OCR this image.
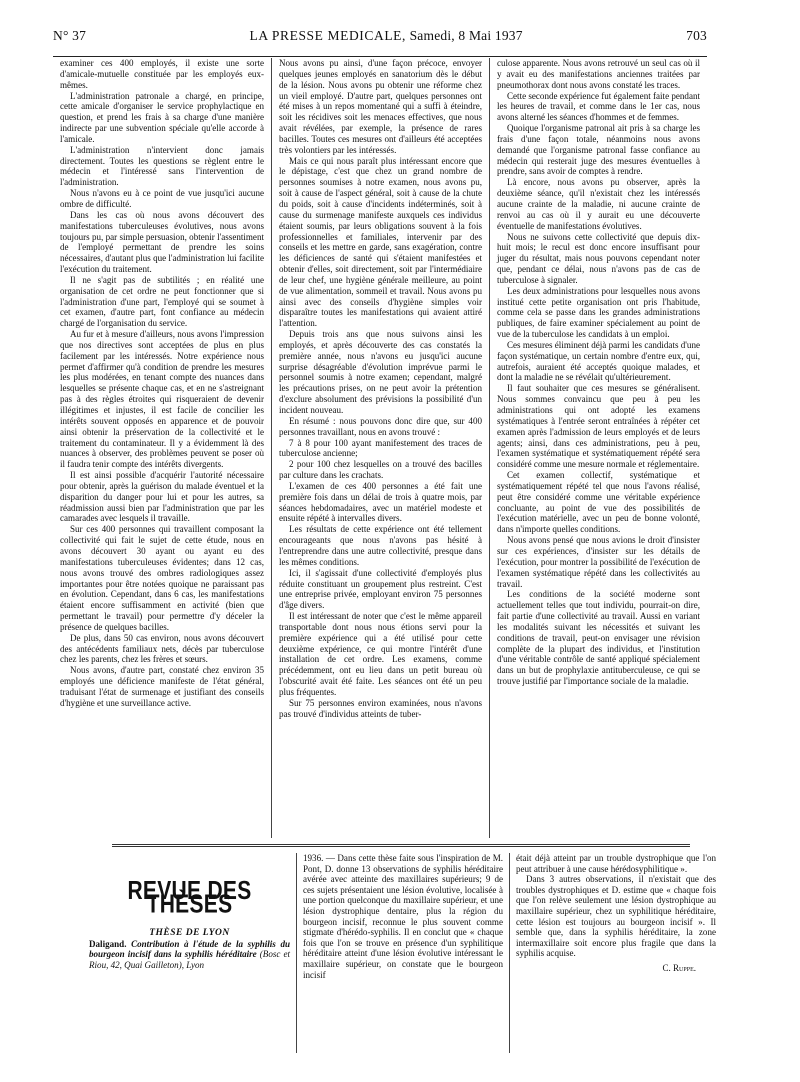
N° 37	LA PRESSE MEDICALE, Samedi, 8 Mai 1937	703

examiner ces 400 employés, il existe une sorte d'amicale-mutuelle constituée par les employés eux-mêmes.

L'administration patronale a chargé, en principe, cette amicale d'organiser le service prophylactique en question, et prend les frais à sa charge d'une manière indirecte par une subvention spéciale qu'elle accorde à l'amicale.

L'administration n'intervient donc jamais directement. Toutes les questions se règlent entre le médecin et l'intéressé sans l'intervention de l'administration.

Nous n'avons eu à ce point de vue jusqu'ici aucune ombre de difficulté.

Dans les cas où nous avons découvert des manifestations tuberculeuses évolutives, nous avons toujours pu, par simple persuasion, obtenir l'assentiment de l'employé permettant de prendre les soins nécessaires, d'autant plus que l'administration lui facilite l'exécution du traitement.

Il ne s'agit pas de subtilités ; en réalité une organisation de cet ordre ne peut fonctionner que si l'administration d'une part, l'employé qui se soumet à cet examen, d'autre part, font confiance au médecin chargé de l'organisation du service.

Au fur et à mesure d'ailleurs, nous avons l'impression que nos directives sont acceptées de plus en plus facilement par les intéressés. Notre expérience nous permet d'affirmer qu'à condition de prendre les mesures les plus modérées, en tenant compte des nuances dans lesquelles se présente chaque cas, et en ne s'astreignant pas à des règles étroites qui risqueraient de devenir illégitimes et injustes, il est facile de concilier les intérêts souvent opposés en apparence et de pouvoir ainsi obtenir la préservation de la collectivité et le traitement du contaminateur. Il y a évidemment là des nuances à observer, des problèmes peuvent se poser où il faudra tenir compte des intérêts divergents.

Il est ainsi possible d'acquérir l'autorité nécessaire pour obtenir, après la guérison du malade éventuel et la disparition du danger pour lui et pour les autres, sa réadmission aussi bien par l'administration que par les camarades avec lesquels il travaille.

Sur ces 400 personnes qui travaillent composant la collectivité qui fait le sujet de cette étude, nous en avons découvert 30 ayant ou ayant eu des manifestations tuberculeuses évidentes; dans 12 cas, nous avons trouvé des ombres radiologiques assez importantes pour être notées quoique ne paraissant pas en évolution. Cependant, dans 6 cas, les manifestations étaient encore suffisamment en activité (bien que permettant le travail) pour permettre d'y déceler la présence de quelques bacilles.

De plus, dans 50 cas environ, nous avons découvert des antécédents familiaux nets, décès par tuberculose chez les parents, chez les frères et sœurs.

Nous avons, d'autre part, constaté chez environ 35 employés une déficience manifeste de l'état général, traduisant l'état de surmenage et justifiant des conseils d'hygiène et une surveillance active.

Nous avons pu ainsi, d'une façon précoce, envoyer quelques jeunes employés en sanatorium dès le début de la lésion. Nous avons pu obtenir une réforme chez un vieil employé. D'autre part, quelques personnes ont été mises à un repos momentané qui a suffi à éteindre, soit les récidives soit les menaces effectives, que nous avait révélées, par exemple, la présence de rares bacilles. Toutes ces mesures ont d'ailleurs été acceptées très volontiers par les intéressés.

Mais ce qui nous paraît plus intéressant encore que le dépistage, c'est que chez un grand nombre de personnes soumises à notre examen, nous avons pu, soit à cause de l'aspect général, soit à cause de la chute du poids, soit à cause d'incidents indéterminés, soit à cause du surmenage manifeste auxquels ces individus étaient soumis, par leurs obligations souvent à la fois professionnelles et familiales, intervenir par des conseils et les mettre en garde, sans exagération, contre les déficiences de santé qui s'étaient manifestées et obtenir d'elles, soit directement, soit par l'intermédiaire de leur chef, une hygiène générale meilleure, au point de vue alimentation, sommeil et travail. Nous avons pu ainsi avec des conseils d'hygiène simples voir disparaître toutes les manifestations qui avaient attiré l'attention.

Depuis trois ans que nous suivons ainsi les employés, et après découverte des cas constatés la première année, nous n'avons eu jusqu'ici aucune surprise désagréable d'évolution imprévue parmi le personnel soumis à notre examen; cependant, malgré les précautions prises, on ne peut avoir la prétention d'exclure absolument des prévisions la possibilité d'un incident nouveau.

En résumé : nous pouvons donc dire que, sur 400 personnes travaillant, nous en avons trouvé :

7 à 8 pour 100 ayant manifestement des traces de tuberculose ancienne;

2 pour 100 chez lesquelles on a trouvé des bacilles par culture dans les crachats.

L'examen de ces 400 personnes a été fait une première fois dans un délai de trois à quatre mois, par séances hebdomadaires, avec un matériel modeste et ensuite répété à intervalles divers.

Les résultats de cette expérience ont été tellement encourageants que nous n'avons pas hésité à l'entreprendre dans une autre collectivité, presque dans les mêmes conditions.

Ici, il s'agissait d'une collectivité d'employés plus réduite constituant un groupement plus restreint. C'est une entreprise privée, employant environ 75 personnes d'âge divers.

Il est intéressant de noter que c'est le même appareil transportable dont nous nous étions servi pour la première expérience qui a été utilisé pour cette deuxième expérience, ce qui montre l'intérêt d'une installation de cet ordre. Les examens, comme précédemment, ont eu lieu dans un petit bureau où l'obscurité avait été faite. Les séances ont été un peu plus fréquentes.

Sur 75 personnes environ examinées, nous n'avons pas trouvé d'individus atteints de tuber-

culose apparente. Nous avons retrouvé un seul cas où il y avait eu des manifestations anciennes traitées par pneumothorax dont nous avons constaté les traces.

Cette seconde expérience fut également faite pendant les heures de travail, et comme dans le 1er cas, nous avons alterné les séances d'hommes et de femmes.

Quoique l'organisme patronal ait pris à sa charge les frais d'une façon totale, néanmoins nous avons demandé que l'organisme patronal fasse confiance au médecin qui resterait juge des mesures éventuelles à prendre, sans avoir de comptes à rendre.

Là encore, nous avons pu observer, après la deuxième séance, qu'il n'existait chez les intéressés aucune crainte de la maladie, ni aucune crainte de renvoi au cas où il y aurait eu une découverte éventuelle de manifestations évolutives.

Nous ne suivons cette collectivité que depuis dix-huit mois; le recul est donc encore insuffisant pour juger du résultat, mais nous pouvons cependant noter que, pendant ce délai, nous n'avons pas de cas de tuberculose à signaler.

Les deux administrations pour lesquelles nous avons institué cette petite organisation ont pris l'habitude, comme cela se passe dans les grandes administrations publiques, de faire examiner spécialement au point de vue de la tuberculose les candidats à un emploi.

Ces mesures éliminent déjà parmi les candidats d'une façon systématique, un certain nombre d'entre eux, qui, autrefois, auraient été acceptés quoique malades, et dont la maladie ne se révélait qu'ultérieurement.

Il faut souhaiter que ces mesures se généralisent. Nous sommes convaincu que peu à peu les administrations qui ont adopté les examens systématiques à l'entrée seront entraînées à répéter cet examen après l'admission de leurs employés et de leurs agents; ainsi, dans ces administrations, peu à peu, l'examen systématique et systématiquement répété sera considéré comme une mesure normale et réglementaire.

Cet examen collectif, systématique et systématiquement répété tel que nous l'avons réalisé, peut être considéré comme une véritable expérience concluante, au point de vue des possibilités de l'exécution matérielle, avec un peu de bonne volonté, dans n'importe quelles conditions.

Nous avons pensé que nous avions le droit d'insister sur ces expériences, d'insister sur les détails de l'exécution, pour montrer la possibilité de l'exécution de l'examen systématique répété dans les collectivités au travail.

Les conditions de la société moderne sont actuellement telles que tout individu, pourrait-on dire, fait partie d'une collectivité au travail. Aussi en variant les modalités suivant les nécessités et suivant les conditions de travail, peut-on envisager une révision complète de la plupart des individus, et l'institution d'une véritable contrôle de santé appliqué spécialement dans un but de prophylaxie antituberculeuse, ce qui se trouve justifié par l'importance sociale de la maladie.

REVUE DES THÈSES
THÈSE DE LYON

Daligand. Contribution à l'étude de la syphilis du bourgeon incisif dans la syphilis héréditaire (Bosc et Riou, 42, Quai Gailleton), Lyon

1936. — Dans cette thèse faite sous l'inspiration de M. Pont, D. donne 13 observations de syphilis héréditaire avérée avec atteinte des maxillaires supérieurs; 9 de ces sujets présentaient une lésion évolutive, localisée à une portion quelconque du maxillaire supérieur, et une lésion dystrophique dentaire, plus la région du bourgeon incisif, reconnue le plus souvent comme stigmate d'hérédo-syphilis. Il en conclut que « chaque fois que l'on se trouve en présence d'un syphilitique héréditaire atteint d'une lésion évolutive intéressant le maxillaire supérieur, on constate que le bourgeon incisif

était déjà atteint par un trouble dystrophique que l'on peut attribuer à une cause hérédosyphilitique ».

Dans 3 autres observations, il n'existait que des troubles dystrophiques et D. estime que « chaque fois que l'on relève seulement une lésion dystrophique au maxillaire supérieur, chez un syphilitique héréditaire, cette lésion est toujours au bourgeon incisif ». Il semble que, dans la syphilis héréditaire, la zone intermaxillaire soit encore plus fragile que dans la syphilis acquise.

C. Ruppe.
